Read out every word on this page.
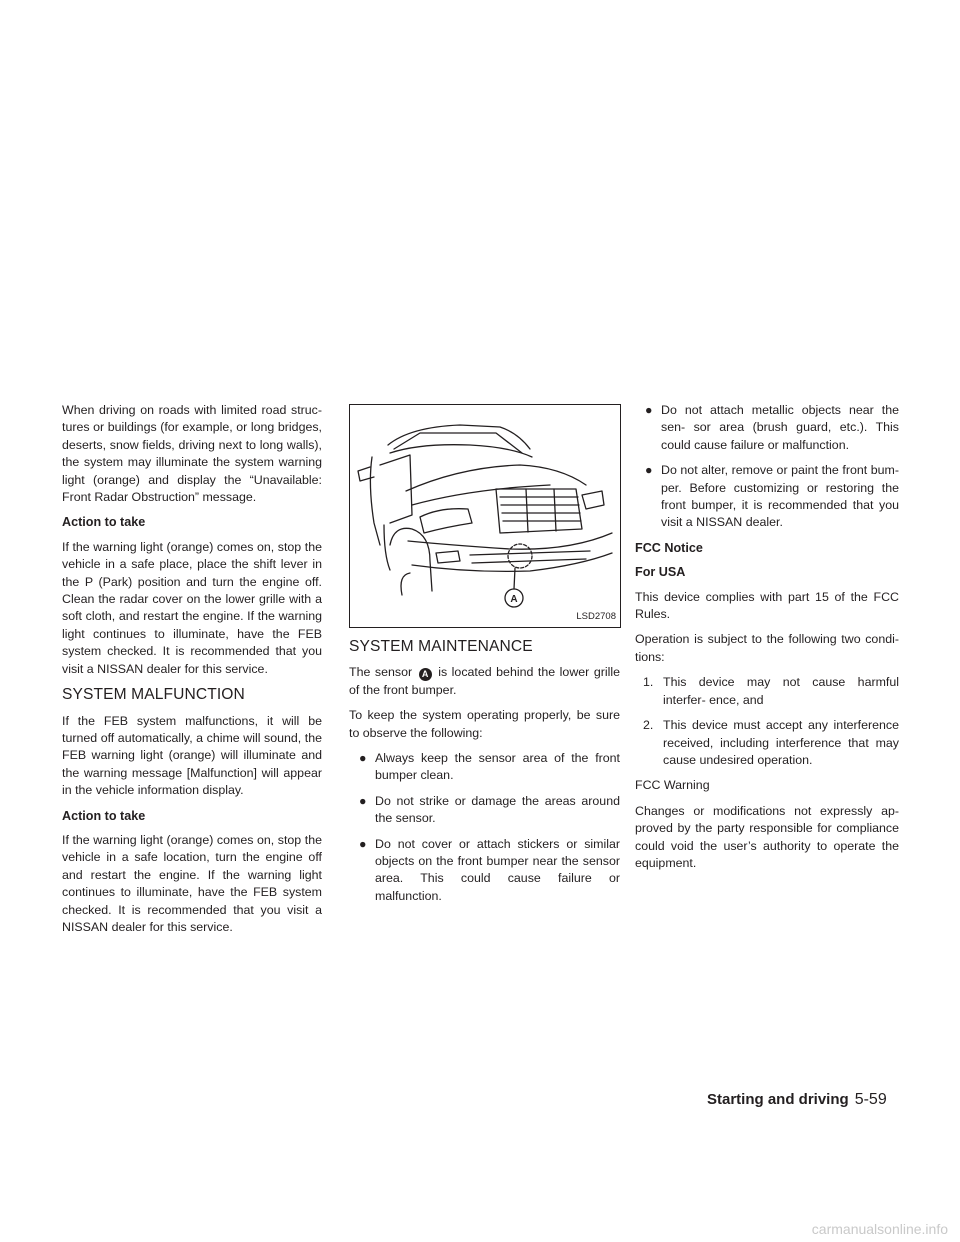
When driving on roads with limited road struc- tures or buildings (for example, or long bridges, deserts, snow fields, driving next to long walls), the system may illuminate the system warning light (orange) and display the “Unavailable: Front Radar Obstruction” message.

Action to take

If the warning light (orange) comes on, stop the vehicle in a safe place, place the shift lever in the P (Park) position and turn the engine off. Clean the radar cover on the lower grille with a soft cloth, and restart the engine. If the warning light continues to illuminate, have the FEB system checked. It is recommended that you visit a NISSAN dealer for this service.

SYSTEM MALFUNCTION

If the FEB system malfunctions, it will be turned off automatically, a chime will sound, the FEB warning light (orange) will illuminate and the warning message [Malfunction] will appear in the vehicle information display.

Action to take

If the warning light (orange) comes on, stop the vehicle in a safe location, turn the engine off and restart the engine. If the warning light continues to illuminate, have the FEB system checked. It is recommended that you visit a NISSAN dealer for this service.

A
LSD2708
SYSTEM MAINTENANCE

The sensor A is located behind the lower grille of the front bumper.

To keep the system operating properly, be sure to observe the following:

● Always keep the sensor area of the front bumper clean.
● Do not strike or damage the areas around the sensor.
● Do not cover or attach stickers or similar objects on the front bumper near the sensor area. This could cause failure or malfunction.
● Do not attach metallic objects near the sen- sor area (brush guard, etc.). This could cause failure or malfunction.
● Do not alter, remove or paint the front bum- per. Before customizing or restoring the front bumper, it is recommended that you visit a NISSAN dealer.
FCC Notice
For USA

This device complies with part 15 of the FCC Rules.

Operation is subject to the following two condi- tions:

1. This device may not cause harmful interfer- ence, and
2. This device must accept any interference received, including interference that may cause undesired operation.

FCC Warning

Changes or modifications not expressly ap- proved by the party responsible for compliance could void the user’s authority to operate the equipment.

Starting and driving 5-59
carmanualsonline.info
